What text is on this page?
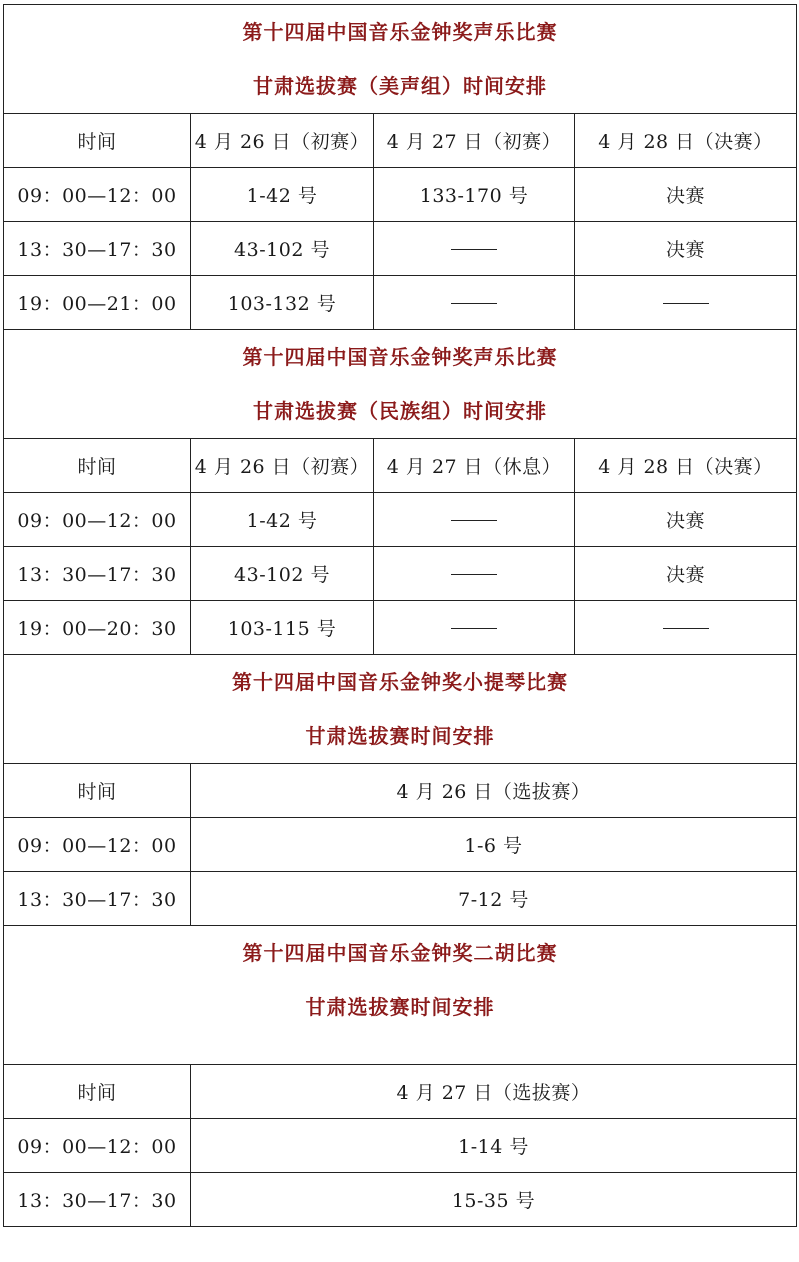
第十四届中国音乐金钟奖声乐比赛
甘肃选拔赛（美声组）时间安排			

时间	4 月 26 日（初赛）	4 月 27 日（初赛）	4 月 28 日（决赛）
09：00—12：00	1-42 号	133-170 号	决赛
13：30—17：30	43-102 号		决赛
19：00—21：00	103-132 号		

第十四届中国音乐金钟奖声乐比赛
甘肃选拔赛（民族组）时间安排			

时间	4 月 26 日（初赛）	4 月 27 日（休息）	4 月 28 日（决赛）
09：00—12：00	1-42 号		决赛
13：30—17：30	43-102 号		决赛
19：00—20：30	103-115 号		

第十四届中国音乐金钟奖小提琴比赛
甘肃选拔赛时间安排			

时间	4 月 26 日（选拔赛）		
09：00—12：00	1-6 号		
13：30—17：30	7-12 号		

第十四届中国音乐金钟奖二胡比赛
甘肃选拔赛时间安排			

时间	4 月 27 日（选拔赛）		
09：00—12：00	1-14 号		
13：30—17：30	15-35 号		
